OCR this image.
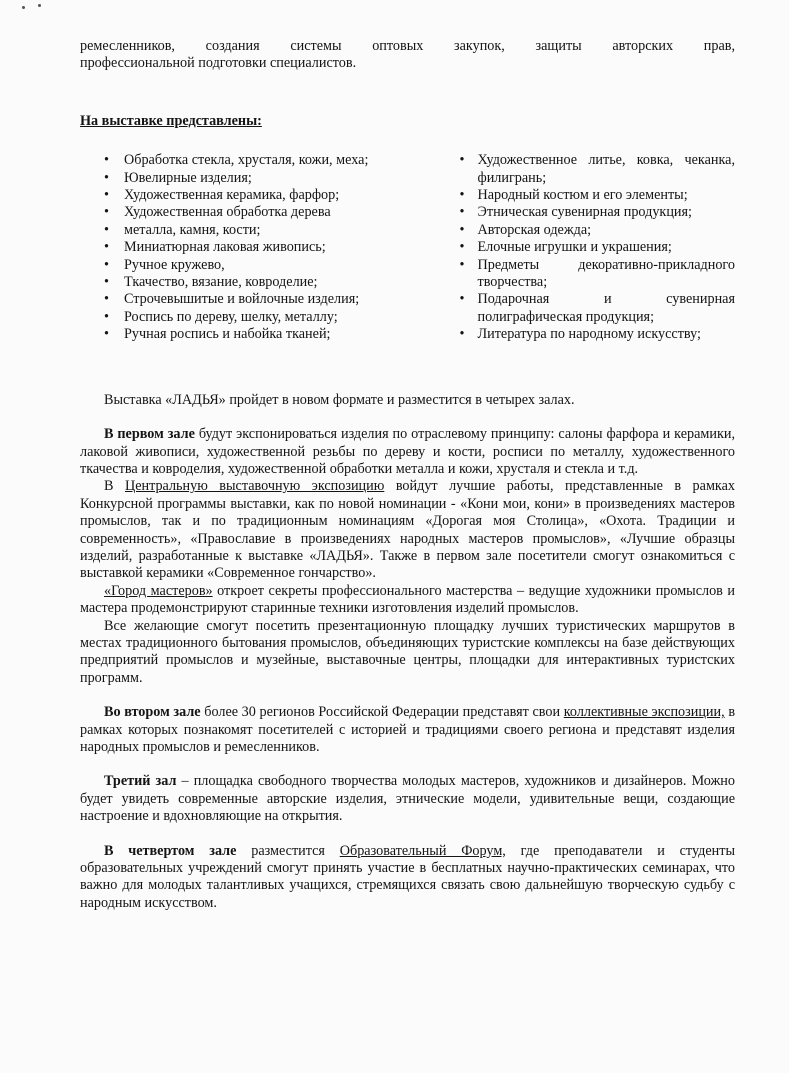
ремесленников, создания системы оптовых закупок, защиты авторских прав,

профессиональной подготовки специалистов.

На выставке представлены:

• Обработка стекла, хрусталя, кожи, меха;
• Ювелирные изделия;
• Художественная керамика, фарфор;
• Художественная обработка дерева
• металла, камня, кости;
• Миниатюрная лаковая живопись;
• Ручное кружево,
• Ткачество, вязание, ковроделие;
• Строчевышитые и войлочные изделия;
• Роспись по дереву, шелку, металлу;
• Ручная роспись и набойка тканей;
• Художественное литье, ковка, чеканка, филигрань;
• Народный костюм и его элементы;
• Этническая сувенирная продукция;
• Авторская одежда;
• Елочные игрушки и украшения;
• Предметы декоративно-прикладного творчества;
• Подарочная и сувенирная полиграфическая продукция;
• Литература по народному искусству;

Выставка «ЛАДЬЯ» пройдет в новом формате и разместится в четырех залах.

В первом зале будут экспонироваться изделия по отраслевому принципу: салоны фарфора и керамики, лаковой живописи, художественной резьбы по дереву и кости, росписи по металлу, художественного ткачества и ковроделия, художественной обработки металла и кожи, хрусталя и стекла и т.д.

В Центральную выставочную экспозицию войдут лучшие работы, представленные в рамках Конкурсной программы выставки, как по новой номинации - «Кони мои, кони» в произведениях мастеров промыслов, так и по традиционным номинациям «Дорогая моя Столица», «Охота. Традиции и современность», «Православие в произведениях народных мастеров промыслов», «Лучшие образцы изделий, разработанные к выставке «ЛАДЬЯ». Также в первом зале посетители смогут ознакомиться с выставкой керамики «Современное гончарство».

«Город мастеров» откроет секреты профессионального мастерства – ведущие художники промыслов и мастера продемонстрируют старинные техники изготовления изделий промыслов.

Все желающие смогут посетить презентационную площадку лучших туристических маршрутов в местах традиционного бытования промыслов, объединяющих туристские комплексы на базе действующих предприятий промыслов и музейные, выставочные центры, площадки для интерактивных туристских программ.

Во втором зале более 30 регионов Российской Федерации представят свои коллективные экспозиции, в рамках которых познакомят посетителей с историей и традициями своего региона и представят изделия народных промыслов и ремесленников.

Третий зал – площадка свободного творчества молодых мастеров, художников и дизайнеров. Можно будет увидеть современные авторские изделия, этнические модели, удивительные вещи, создающие настроение и вдохновляющие на открытия.

В четвертом зале разместится Образовательный Форум, где преподаватели и студенты образовательных учреждений смогут принять участие в бесплатных научно-практических семинарах, что важно для молодых талантливых учащихся, стремящихся связать свою дальнейшую творческую судьбу с народным искусством.
